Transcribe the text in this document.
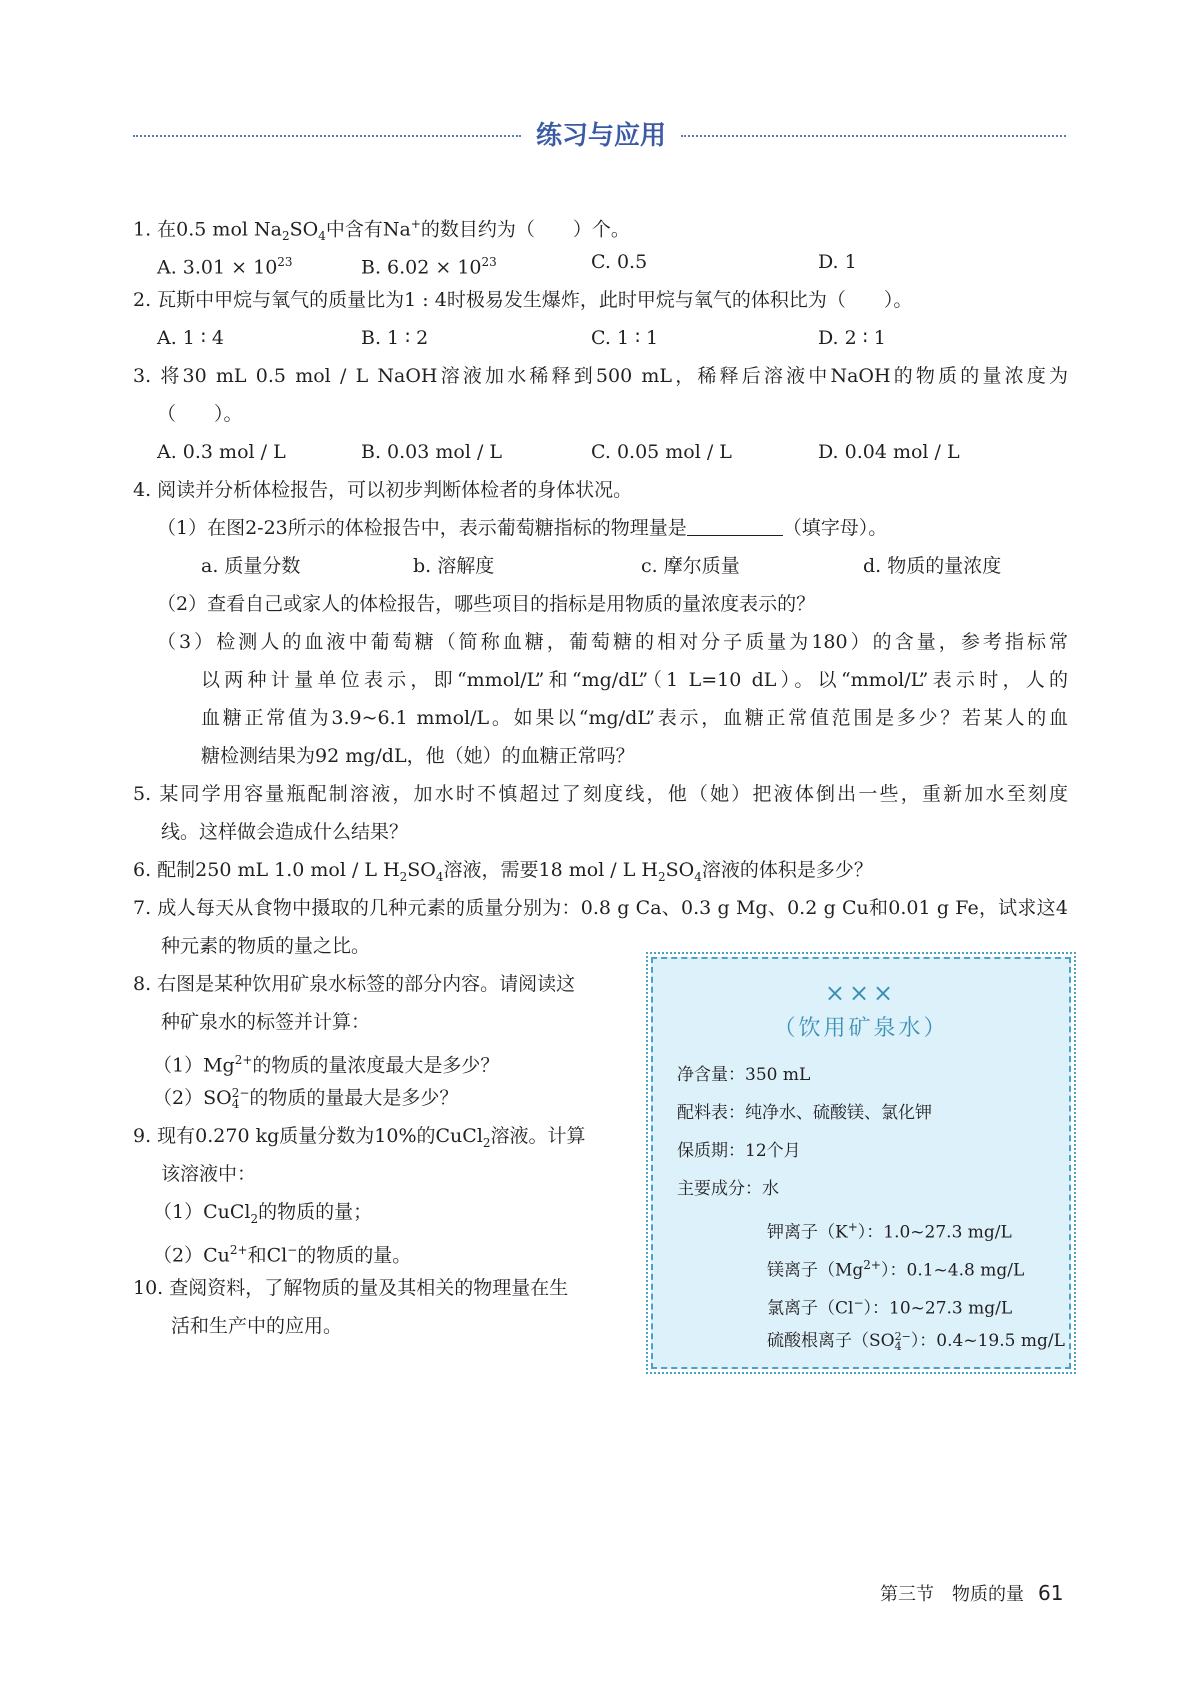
练习与应用
1. 在0.5 mol $Na_2SO_4$中含有Na+的数目约为（　　）个。
A. $3.01 \times 10^{23}$	B. $6.02 \times 10^{23}$	C. 0.5	D. 1
2. 瓦斯中甲烷与氧气的质量比为1 : 4时极易发生爆炸，此时甲烷与氧气的体积比为（　　）。
A. 1 ∶ 4	B. 1 ∶ 2	C. 1 ∶ 1	D. 2 ∶ 1
3. 将30 mL 0.5 mol / L NaOH溶液加水稀释到500 mL，稀释后溶液中NaOH的物质的量浓度为
（　　）。
A. 0.3 mol / L	B. 0.03 mol / L	C. 0.05 mol / L	D. 0.04 mol / L
4. 阅读并分析体检报告，可以初步判断体检者的身体状况。
（1）在图2-23所示的体检报告中，表示葡萄糖指标的物理量是	（填字母）。
a. 质量分数	b. 溶解度	c. 摩尔质量	d. 物质的量浓度
（2）查看自己或家人的体检报告，哪些项目的指标是用物质的量浓度表示的？
（3）检测人的血液中葡萄糖（简称血糖，葡萄糖的相对分子质量为180）的含量，参考指标常
以两种计量单位表示，即“mmol/L”和“mg/dL”（1 L=10 dL）。以“mmol/L”表示时，人的
血糖正常值为3.9~6.1 mmol/L。如果以“mg/dL”表示，血糖正常值范围是多少？若某人的血
糖检测结果为92 mg/dL，他（她）的血糖正常吗？
5. 某同学用容量瓶配制溶液，加水时不慎超过了刻度线，他（她）把液体倒出一些，重新加水至刻度
线。这样做会造成什么结果？
6. 配制250 mL 1.0 mol / L $H_2SO_4$溶液，需要18 mol / L $H_2SO_4$溶液的体积是多少？
7. 成人每天从食物中摄取的几种元素的质量分别为：0.8 g Ca、0.3 g Mg、0.2 g Cu和0.01 g Fe，试求这4
种元素的物质的量之比。
8. 右图是某种饮用矿泉水标签的部分内容。请阅读这
种矿泉水的标签并计算：
$(1)Mg^{2+}$的物质的量浓度最大是多少？
（2）SO 2−
4 的物质的量最大是多少？
9. 现有0.270 kg质量分数为10%的CuCl$_2$溶液。计算
该溶液中：
（1）CuCl$_2$的物质的量；
$(2)Cu^{2+}$和Cl−的物质的量。
10. 查阅资料，了解物质的量及其相关的物理量在生
活和生产中的应用。
×××
（饮用矿泉水）
净含量：350 mL
配料表：纯净水、硫酸镁、氯化钾
保质期：12个月
主要成分：水
钾离子（K+）：1.0~27.3 mg/L
镁离子$(Mg^{2+})$：0.1~4.8 mg/L
氯离子（Cl−）：10~27.3 mg/L
硫酸根离子（SO 2−
4 ）：0.4~19.5 mg/L
第三节　物质的量 61
